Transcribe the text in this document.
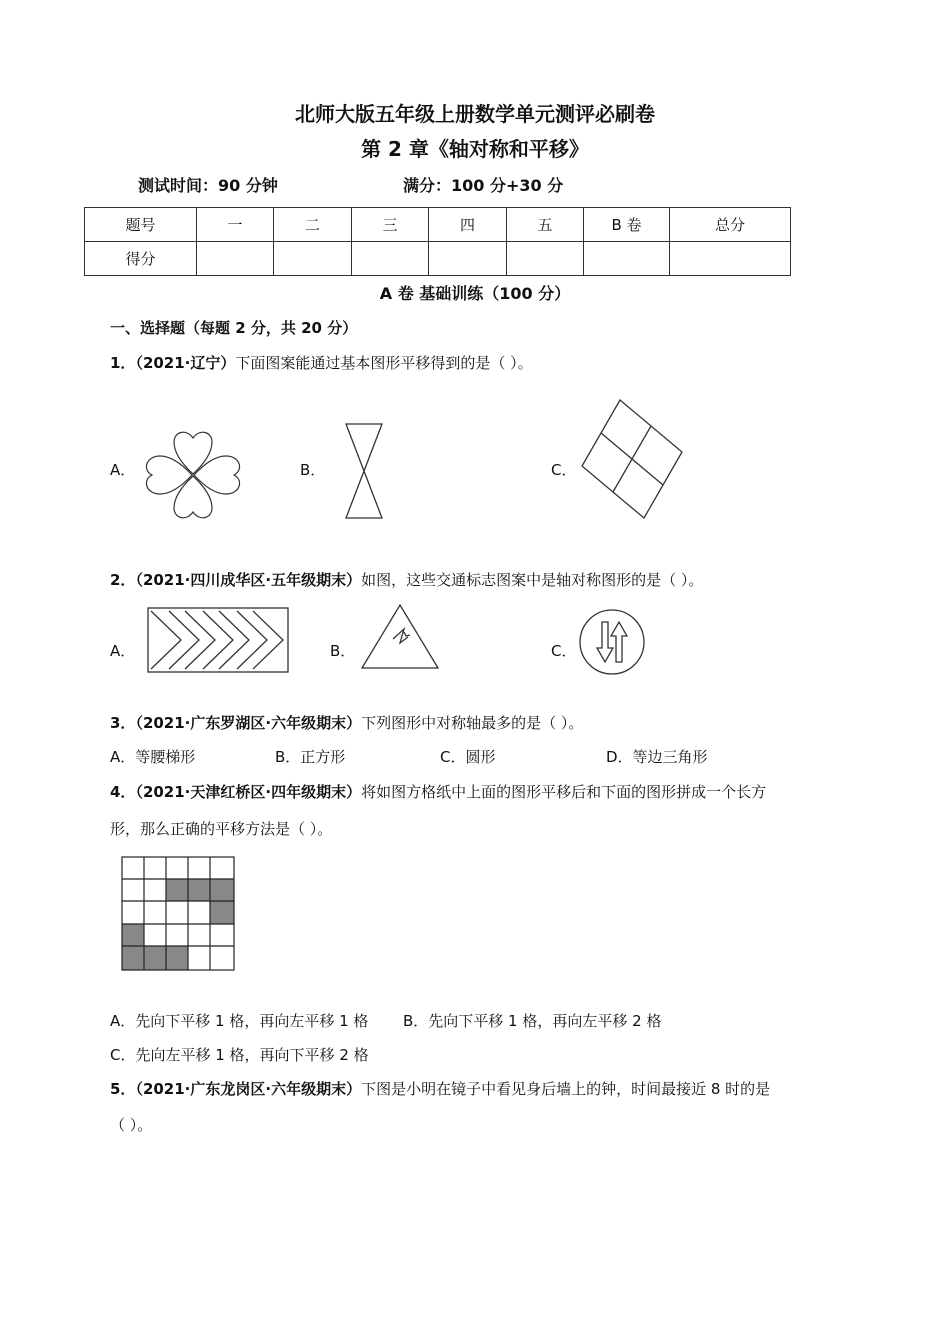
北师大版五年级上册数学单元测评必刷卷
第 2 章《轴对称和平移》
测试时间：90 分钟	满分：100 分+30 分
题号	一	二	三	四	五	B 卷	总分
得分							
A 卷 基础训练（100 分）
一、选择题（每题 2 分，共 20 分）
1．（2021·辽宁）下面图案能通过基本图形平移得到的是（ ）。
A．	B．	C．
2．（2021·四川成华区·五年级期末）如图，这些交通标志图案中是轴对称图形的是（ ）。
A．	B．	C．
3．（2021·广东罗湖区·六年级期末）下列图形中对称轴最多的是（ ）。
A．等腰梯形	B．正方形	C．圆形	D．等边三角形
4．（2021·天津红桥区·四年级期末）将如图方格纸中上面的图形平移后和下面的图形拼成一个长方
形，那么正确的平移方法是（ ）。
A．先向下平移 1 格，再向左平移 1 格 B．先向下平移 1 格，再向左平移 2 格
C．先向左平移 1 格，再向下平移 2 格
5．（2021·广东龙岗区·六年级期末）下图是小明在镜子中看见身后墙上的钟，时间最接近 8 时的是
（ ）。
